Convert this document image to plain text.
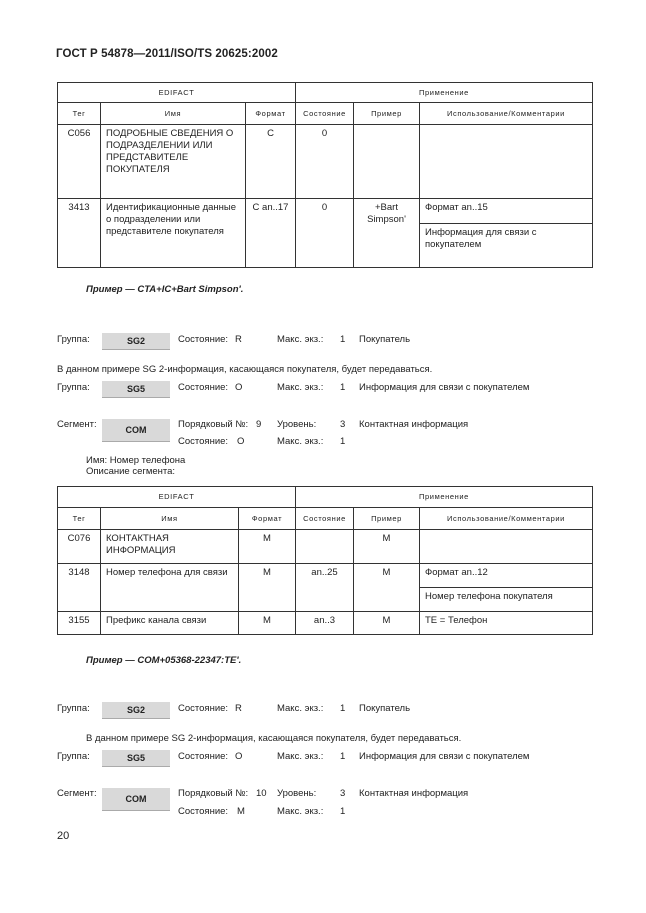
ГОСТ Р 54878—2011/ISO/TS 20625:2002
EDIFACT			Применение		
Тег	Имя	Формат	Состояние	Пример	Использование/Комментарии
C056	ПОДРОБНЫЕ СВЕДЕНИЯ О ПОДРАЗДЕЛЕНИИ ИЛИ ПРЕДСТАВИТЕЛЕ ПОКУПАТЕЛЯ	C	0		
3413	Идентификационные данные о подразделении или представителе покупателя	C an..17	0	+Bart Simpson'	Формат an..15
					Информация для связи с покупателем
Пример — CTA+IC+Bart Simpson'.
Группа:	SG2	Состояние: R	Макс. экз.: 1 Покупатель
В данном примере SG 2-информация, касающаяся покупателя, будет передаваться.
Группа:	SG5	Состояние: O	Макс. экз.: 1 Информация для связи с покупателем
Сегмент:	COM	Порядковый №: 9 Уровень:	3 Контактная информация
Состояние: O	Макс. экз.: 1
Имя: Номер телефона
Описание сегмента:
EDIFACT			Применение		
Тег	Имя	Формат	Состояние	Пример	Использование/Комментарии
C076	КОНТАКТНАЯ ИНФОРМАЦИЯ	M		M	
3148	Номер телефона для связи	M	an..25	M	Формат an..12
					Номер телефона покупателя
3155	Префикс канала связи	M	an..3	M	TE = Телефон
Пример — COM+05368-22347:TE'.
Группа:	SG2	Состояние: R	Макс. экз.: 1 Покупатель
В данном примере SG 2-информация, касающаяся покупателя, будет передаваться.
Группа:	SG5	Состояние: O	Макс. экз.: 1 Информация для связи с покупателем
Сегмент:	COM	Порядковый №: 10 Уровень:	3 Контактная информация
Состояние: M	Макс. экз.: 1
20
